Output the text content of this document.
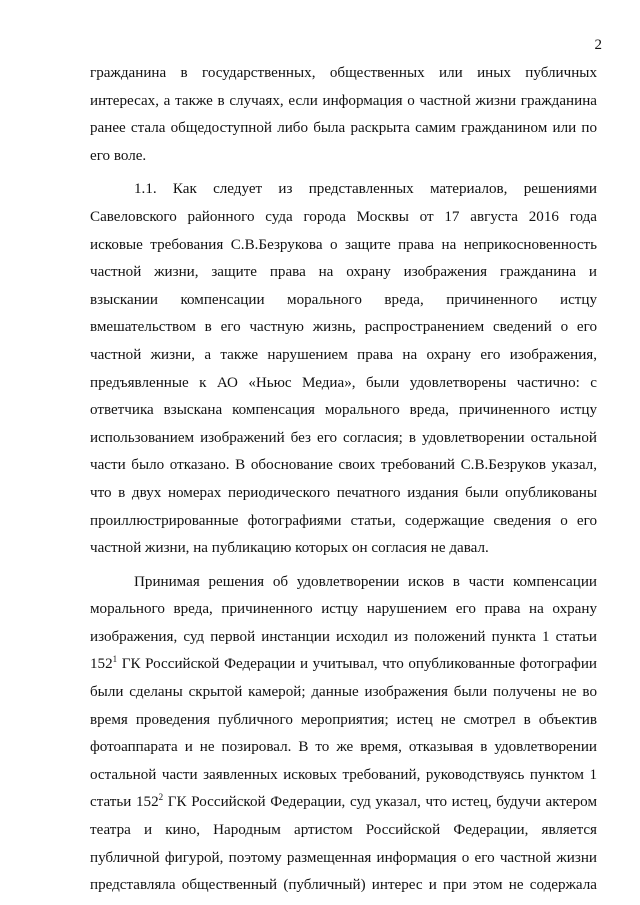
2
гражданина в государственных, общественных или иных публичных
интересах, а также в случаях, если информация о частной жизни гражданина
ранее стала общедоступной либо была раскрыта самим гражданином или по
его воле.
1.1. Как следует из представленных материалов, решениями
Савеловского районного суда города Москвы от 17 августа 2016 года
исковые требования С.В.Безрукова о защите права на неприкосновенность
частной жизни, защите права на охрану изображения гражданина и
взыскании компенсации морального вреда, причиненного истцу
вмешательством в его частную жизнь, распространением сведений о его
частной жизни, а также нарушением права на охрану его изображения,
предъявленные к АО «Ньюс Медиа», были удовлетворены частично: с
ответчика взыскана компенсация морального вреда, причиненного истцу
использованием изображений без его согласия; в удовлетворении остальной
части было отказано. В обоснование своих требований С.В.Безруков указал,
что в двух номерах периодического печатного издания были опубликованы
проиллюстрированные фотографиями статьи, содержащие сведения о его
частной жизни, на публикацию которых он согласия не давал.
Принимая решения об удовлетворении исков в части компенсации
морального вреда, причиненного истцу нарушением его права на охрану
изображения, суд первой инстанции исходил из положений пункта 1 статьи
$152^1$ ГК Российской Федерации и учитывал, что опубликованные фотографии
были сделаны скрытой камерой; данные изображения были получены не во
время проведения публичного мероприятия; истец не смотрел в объектив
фотоаппарата и не позировал. В то же время, отказывая в удовлетворении
остальной части заявленных исковых требований, руководствуясь пунктом 1
статьи $152^2$ ГК Российской Федерации, суд указал, что истец, будучи актером
театра и кино, Народным артистом Российской Федерации, является
публичной фигурой, поэтому размещенная информация о его частной жизни
представляла общественный (публичный) интерес и при этом не содержала
